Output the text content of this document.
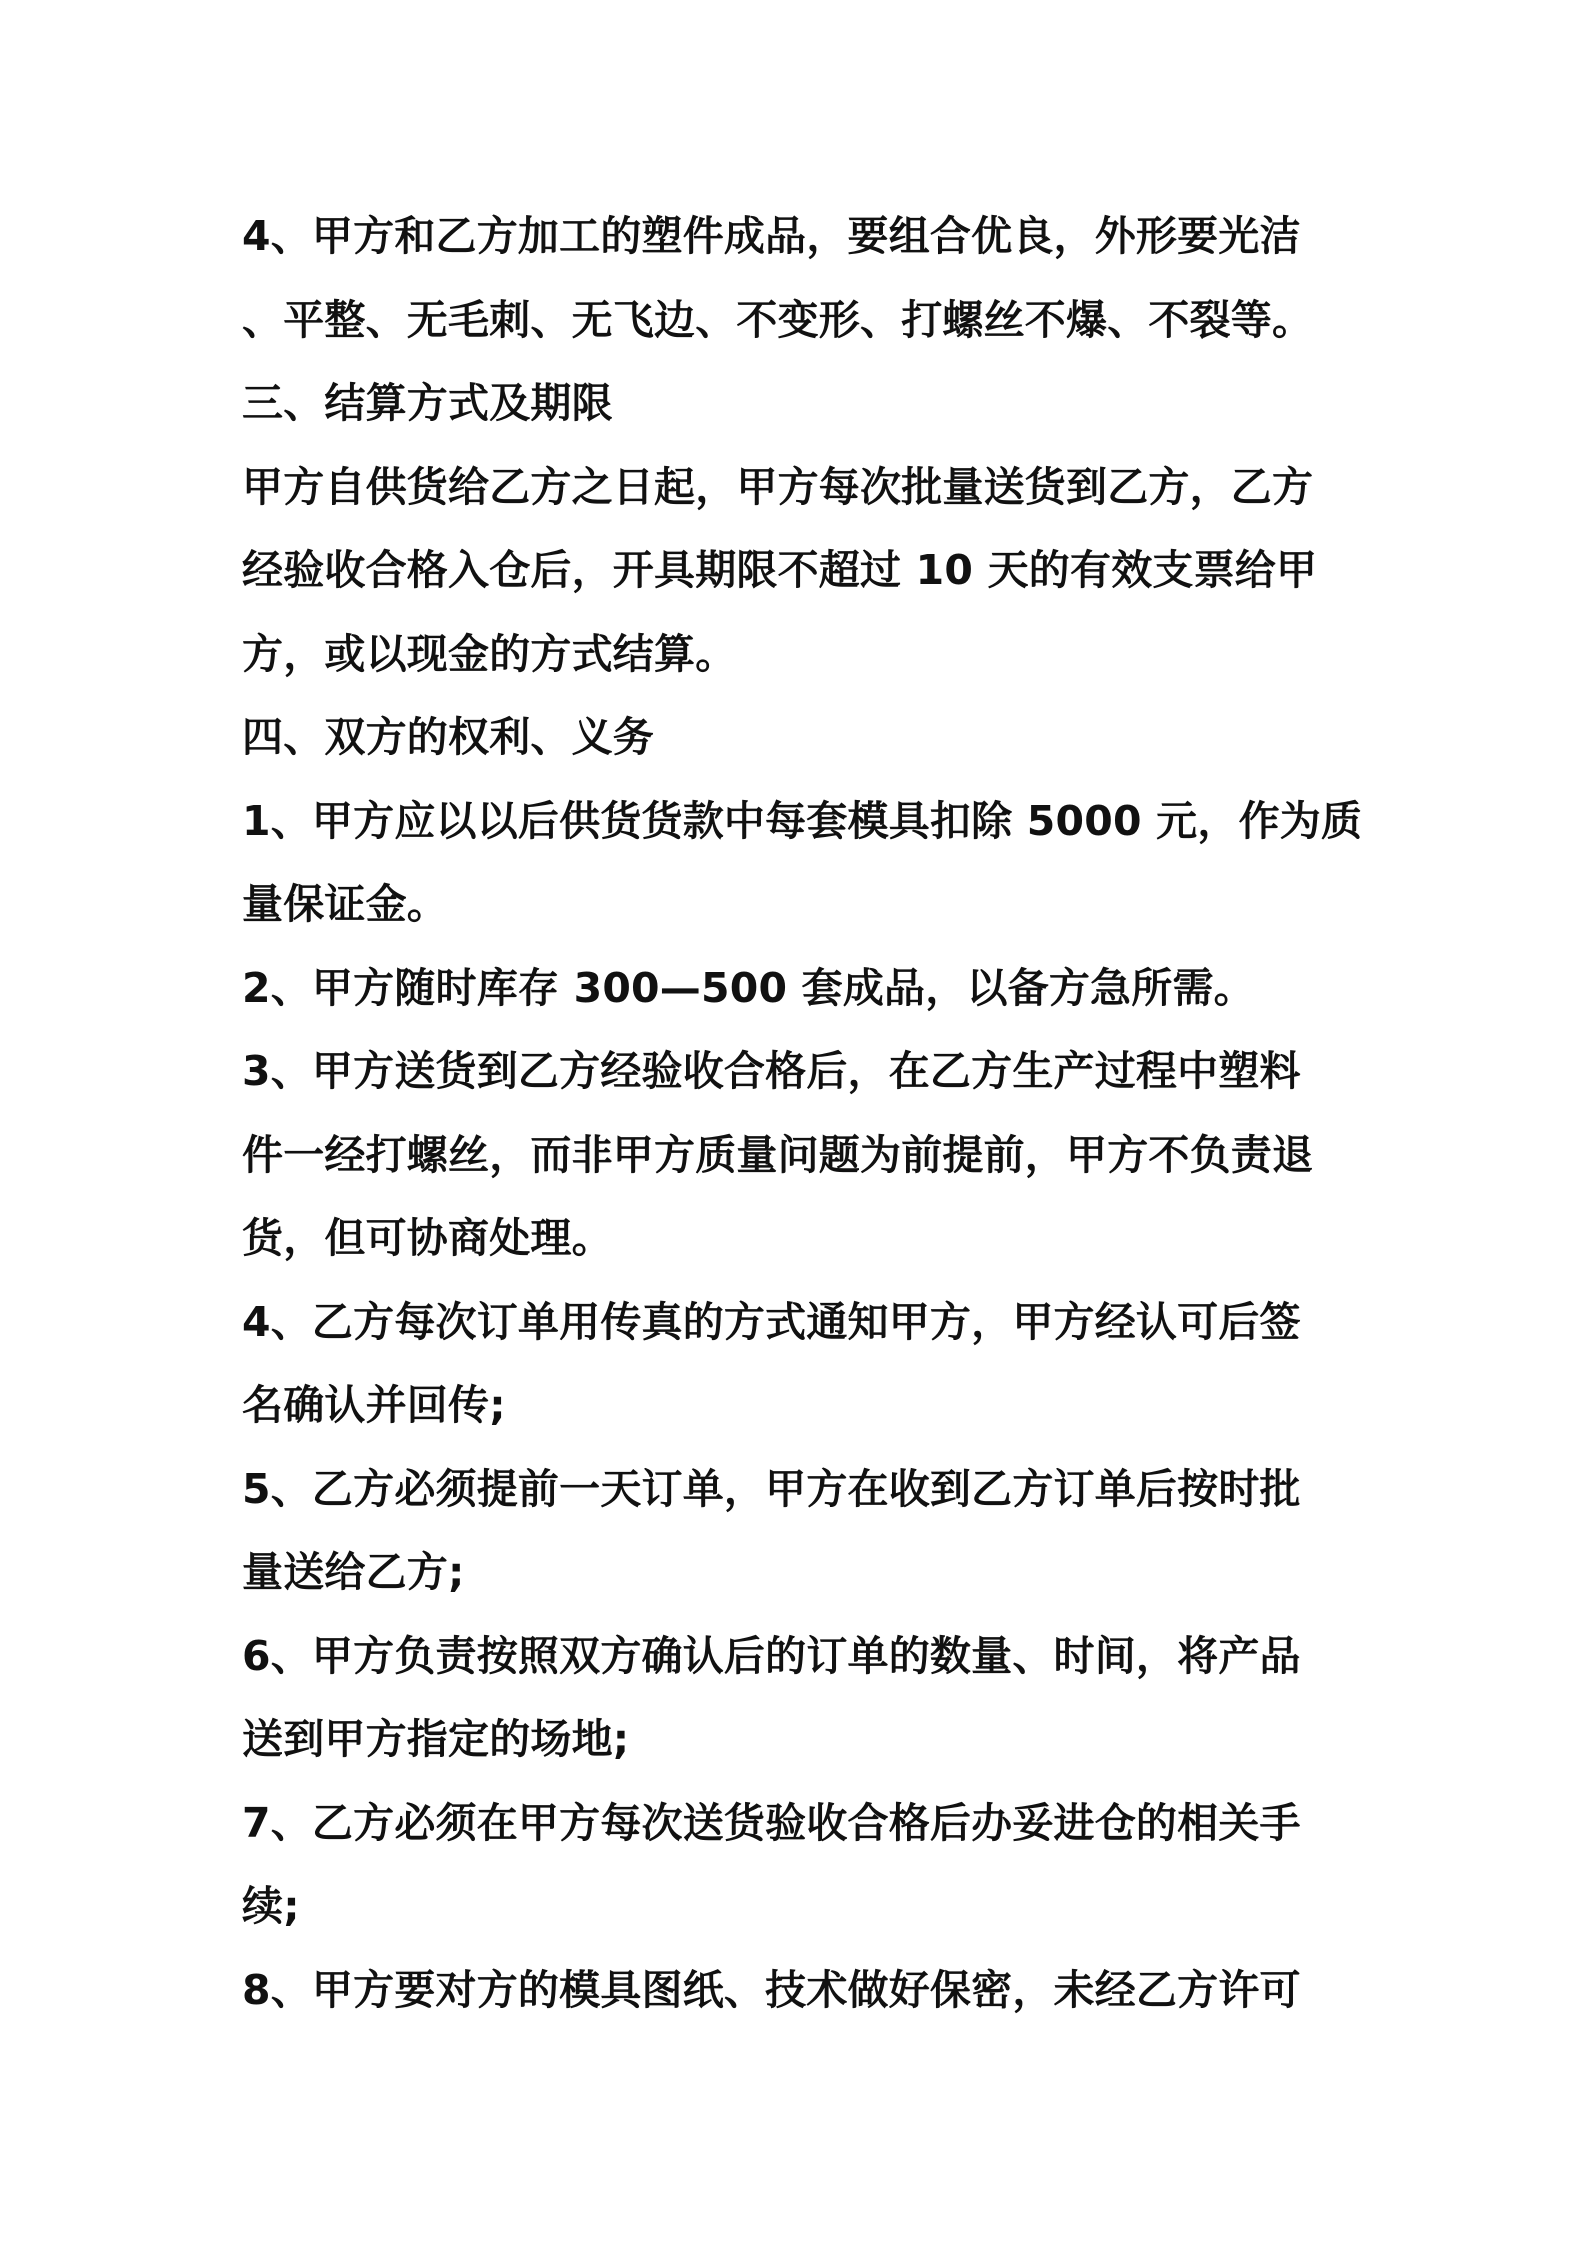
4、甲方和乙方加工的塑件成品，要组合优良，外形要光洁
、平整、无毛刺、无飞边、不变形、打螺丝不爆、不裂等。
三、结算方式及期限
甲方自供货给乙方之日起，甲方每次批量送货到乙方，乙方
经验收合格入仓后，开具期限不超过 10 天的有效支票给甲
方，或以现金的方式结算。
四、双方的权利、义务
1、甲方应以以后供货货款中每套模具扣除 5000 元，作为质
量保证金。
2、甲方随时库存 300—500 套成品，以备方急所需。
3、甲方送货到乙方经验收合格后，在乙方生产过程中塑料
件一经打螺丝，而非甲方质量问题为前提前，甲方不负责退
货，但可协商处理。
4、乙方每次订单用传真的方式通知甲方，甲方经认可后签
名确认并回传;
5、乙方必须提前一天订单，甲方在收到乙方订单后按时批
量送给乙方;
6、甲方负责按照双方确认后的订单的数量、时间，将产品
送到甲方指定的场地;
7、乙方必须在甲方每次送货验收合格后办妥进仓的相关手
续;
8、甲方要对方的模具图纸、技术做好保密，未经乙方许可
